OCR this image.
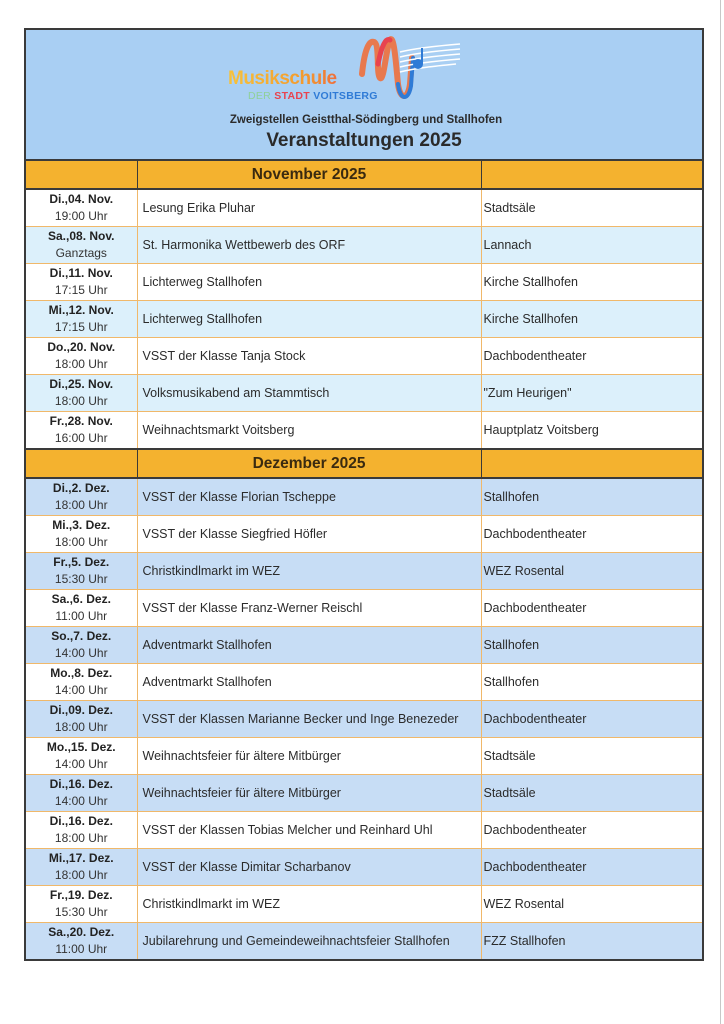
Musikschule
DER STADT VOITSBERG
Zweigstellen Geistthal-Södingberg und Stallhofen
Veranstaltungen 2025
	November 2025	

Di.,04. Nov.
19:00 Uhr	Lesung Erika Pluhar	Stadtsäle

Sa.,08. Nov.
Ganztags	St. Harmonika Wettbewerb des ORF	Lannach

Di.,11. Nov.
17:15 Uhr	Lichterweg Stallhofen	Kirche Stallhofen

Mi.,12. Nov.
17:15 Uhr	Lichterweg Stallhofen	Kirche Stallhofen

Do.,20. Nov.
18:00 Uhr	VSST der Klasse Tanja Stock	Dachbodentheater

Di.,25. Nov.
18:00 Uhr	Volksmusikabend am Stammtisch	"Zum Heurigen"

Fr.,28. Nov.
16:00 Uhr	Weihnachtsmarkt Voitsberg	Hauptplatz Voitsberg
	Dezember 2025	

Di.,2. Dez.
18:00 Uhr	VSST der Klasse Florian Tscheppe	Stallhofen

Mi.,3. Dez.
18:00 Uhr	VSST der Klasse Siegfried Höfler	Dachbodentheater

Fr.,5. Dez.
15:30 Uhr	Christkindlmarkt im WEZ	WEZ Rosental

Sa.,6. Dez.
11:00 Uhr	VSST der Klasse Franz-Werner Reischl	Dachbodentheater

So.,7. Dez.
14:00 Uhr	Adventmarkt Stallhofen	Stallhofen

Mo.,8. Dez.
14:00 Uhr	Adventmarkt Stallhofen	Stallhofen

Di.,09. Dez.
18:00 Uhr	VSST der Klassen Marianne Becker und Inge Benezeder	Dachbodentheater

Mo.,15. Dez.
14:00 Uhr	Weihnachtsfeier für ältere Mitbürger	Stadtsäle

Di.,16. Dez.
14:00 Uhr	Weihnachtsfeier für ältere Mitbürger	Stadtsäle

Di.,16. Dez.
18:00 Uhr	VSST der Klassen Tobias Melcher und Reinhard Uhl	Dachbodentheater

Mi.,17. Dez.
18:00 Uhr	VSST der Klasse Dimitar Scharbanov	Dachbodentheater

Fr.,19. Dez.
15:30 Uhr	Christkindlmarkt im WEZ	WEZ Rosental

Sa.,20. Dez.
11:00 Uhr	Jubilarehrung und Gemeindeweihnachtsfeier Stallhofen	FZZ Stallhofen
